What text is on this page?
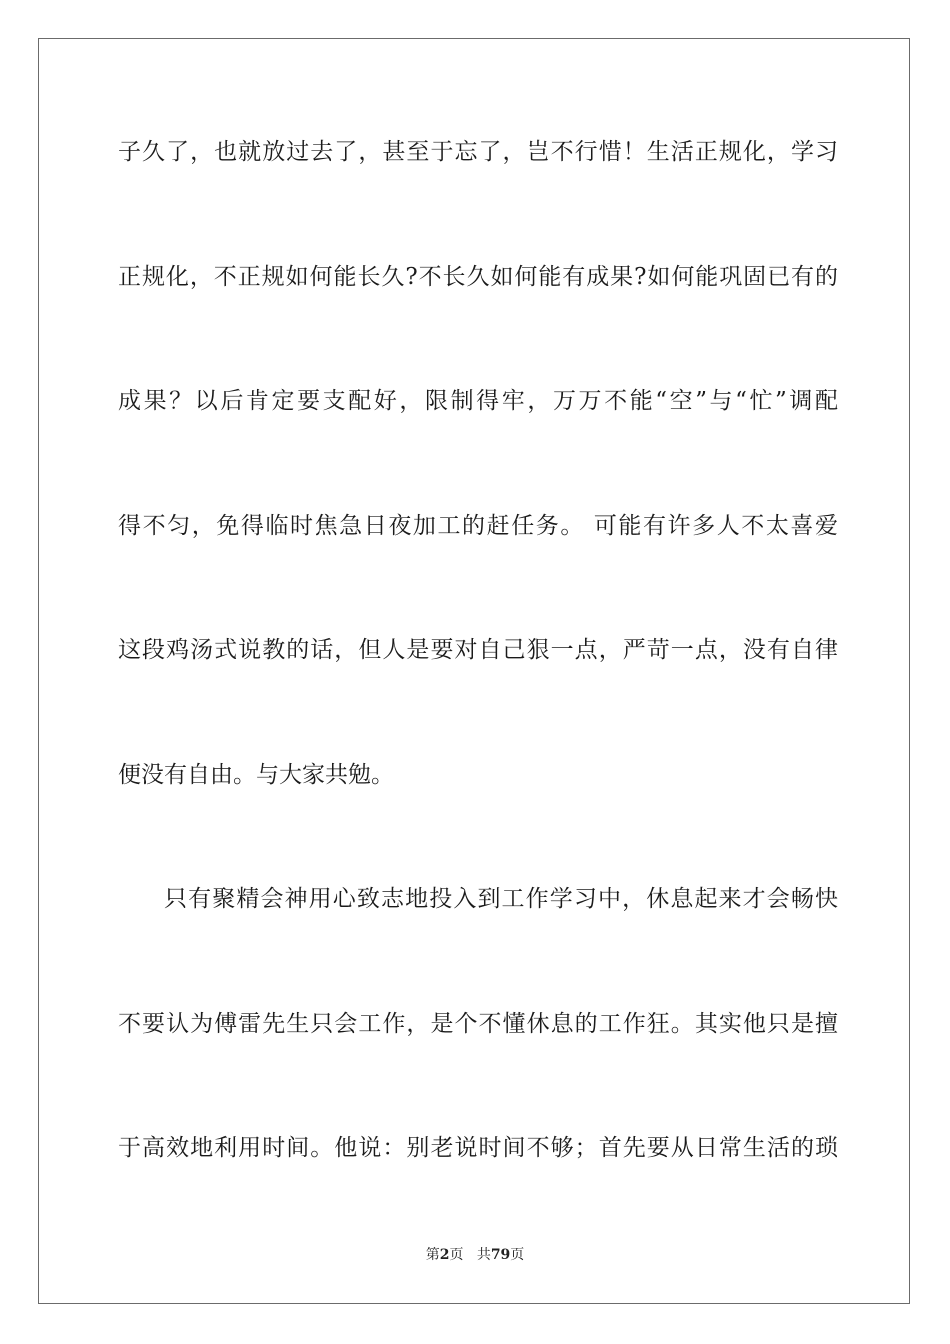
子久了，也就放过去了，甚至于忘了，岂不行惜！生活正规化，学习
正规化，不正规如何能长久?不长久如何能有成果?如何能巩固已有的
成果？以后肯定要支配好，限制得牢，万万不能“空”与“忙”调配
得不匀，免得临时焦急日夜加工的赶任务。 可能有许多人不太喜爱
这段鸡汤式说教的话，但人是要对自己狠一点，严苛一点，没有自律
便没有自由。与大家共勉。
只有聚精会神用心致志地投入到工作学习中，休息起来才会畅快
不要认为傅雷先生只会工作，是个不懂休息的工作狂。其实他只是擅
于高效地利用时间。他说：别老说时间不够；首先要从日常生活的琐
第2页 共79页
